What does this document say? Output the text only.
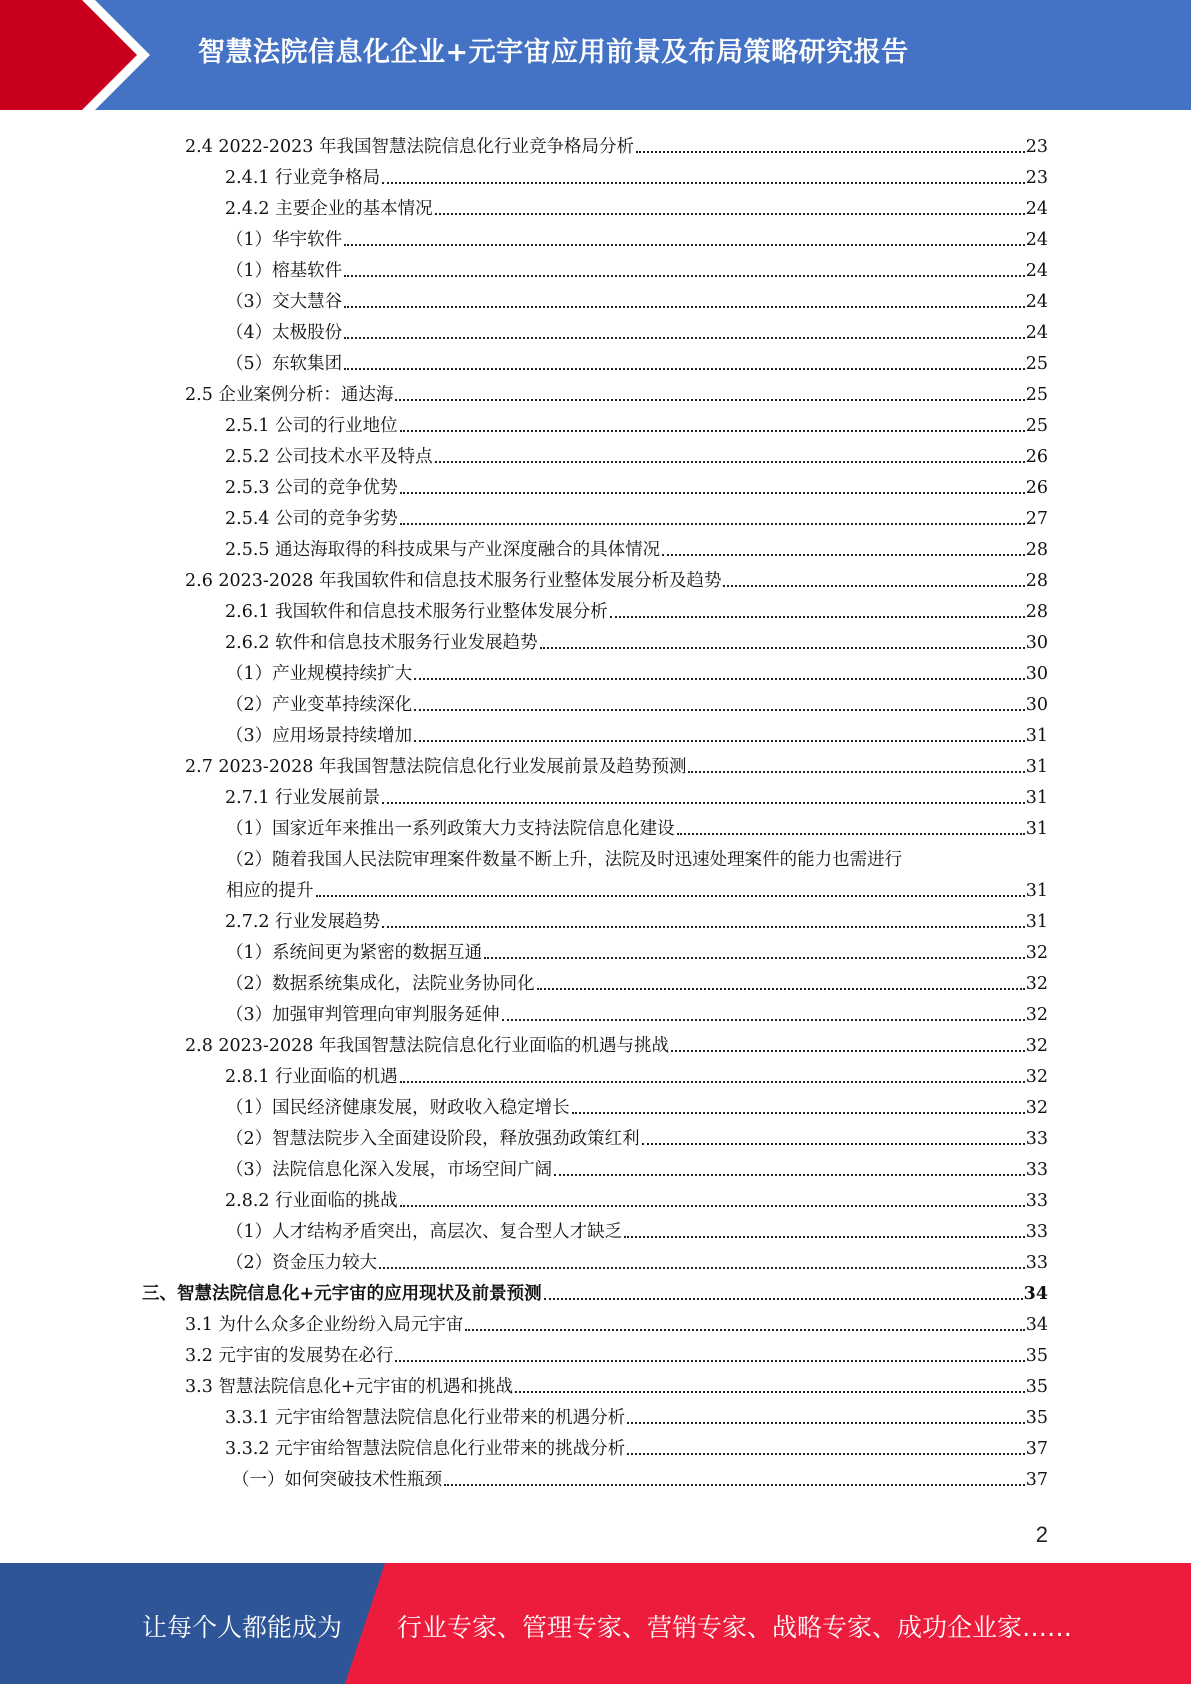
智慧法院信息化企业+元宇宙应用前景及布局策略研究报告
2.4 2022-2023 年我国智慧法院信息化行业竞争格局分析	23
2.4.1 行业竞争格局	23
2.4.2 主要企业的基本情况	24
（1）华宇软件	24
（1）榕基软件	24
（3）交大慧谷	24
（4）太极股份	24
（5）东软集团	25
2.5 企业案例分析：通达海	25
2.5.1 公司的行业地位	25
2.5.2 公司技术水平及特点	26
2.5.3 公司的竞争优势	26
2.5.4 公司的竞争劣势	27
2.5.5 通达海取得的科技成果与产业深度融合的具体情况	28
2.6 2023-2028 年我国软件和信息技术服务行业整体发展分析及趋势	28
2.6.1 我国软件和信息技术服务行业整体发展分析	28
2.6.2 软件和信息技术服务行业发展趋势	30
（1）产业规模持续扩大	30
（2）产业变革持续深化	30
（3）应用场景持续增加	31
2.7 2023-2028 年我国智慧法院信息化行业发展前景及趋势预测	31
2.7.1 行业发展前景	31
（1）国家近年来推出一系列政策大力支持法院信息化建设	31
（2）随着我国人民法院审理案件数量不断上升，法院及时迅速处理案件的能力也需进行
相应的提升	31
2.7.2 行业发展趋势	31
（1）系统间更为紧密的数据互通	32
（2）数据系统集成化，法院业务协同化	32
（3）加强审判管理向审判服务延伸	32
2.8 2023-2028 年我国智慧法院信息化行业面临的机遇与挑战	32
2.8.1 行业面临的机遇	32
（1）国民经济健康发展，财政收入稳定增长	32
（2）智慧法院步入全面建设阶段，释放强劲政策红利	33
（3）法院信息化深入发展，市场空间广阔	33
2.8.2 行业面临的挑战	33
（1）人才结构矛盾突出，高层次、复合型人才缺乏	33
（2）资金压力较大	33
三、智慧法院信息化+元宇宙的应用现状及前景预测	34
3.1 为什么众多企业纷纷入局元宇宙	34
3.2 元宇宙的发展势在必行	35
3.3 智慧法院信息化+元宇宙的机遇和挑战	35
3.3.1 元宇宙给智慧法院信息化行业带来的机遇分析	35
3.3.2 元宇宙给智慧法院信息化行业带来的挑战分析	37
（一）如何突破技术性瓶颈	37
2
让每个人都能成为 行业专家、管理专家、营销专家、战略专家、成功企业家……
